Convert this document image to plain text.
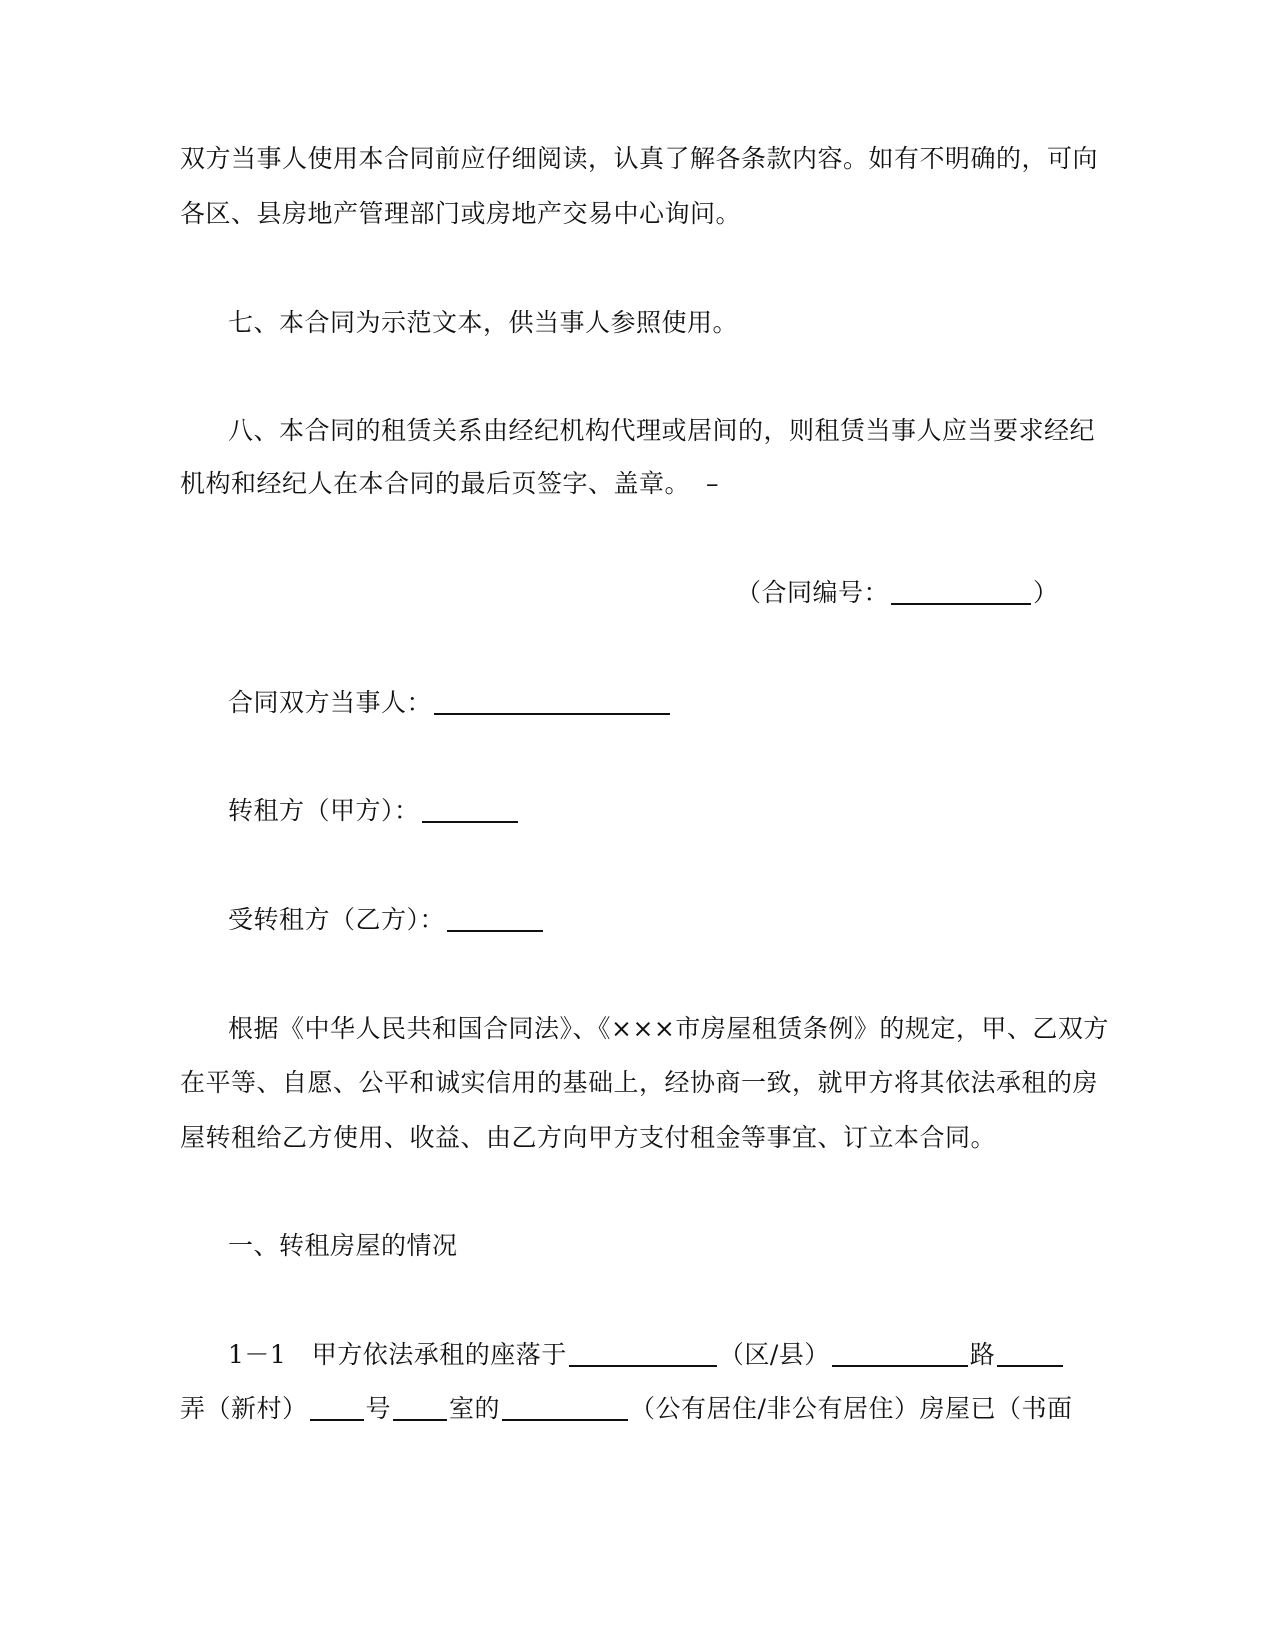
双方当事人使用本合同前应仔细阅读，认真了解各条款内容。如有不明确的，可向
各区、县房地产管理部门或房地产交易中心询问。
七、本合同为示范文本，供当事人参照使用。
八、本合同的租赁关系由经纪机构代理或居间的，则租赁当事人应当要求经纪
机构和经纪人在本合同的最后页签字、盖章。 –
（合同编号：	）
合同双方当事人：
转租方（甲方）：
受转租方（乙方）：
根据《中华人民共和国合同法》、《×××市房屋租赁条例》的规定，甲、乙双方
在平等、自愿、公平和诚实信用的基础上，经协商一致，就甲方将其依法承租的房
屋转租给乙方使用、收益、由乙方向甲方支付租金等事宜、订立本合同。
一、转租房屋的情况
1－1　甲方依法承租的座落于	（区/县）	路
弄（新村） 号 室的	（公有居住/非公有居住）房屋已（书面
